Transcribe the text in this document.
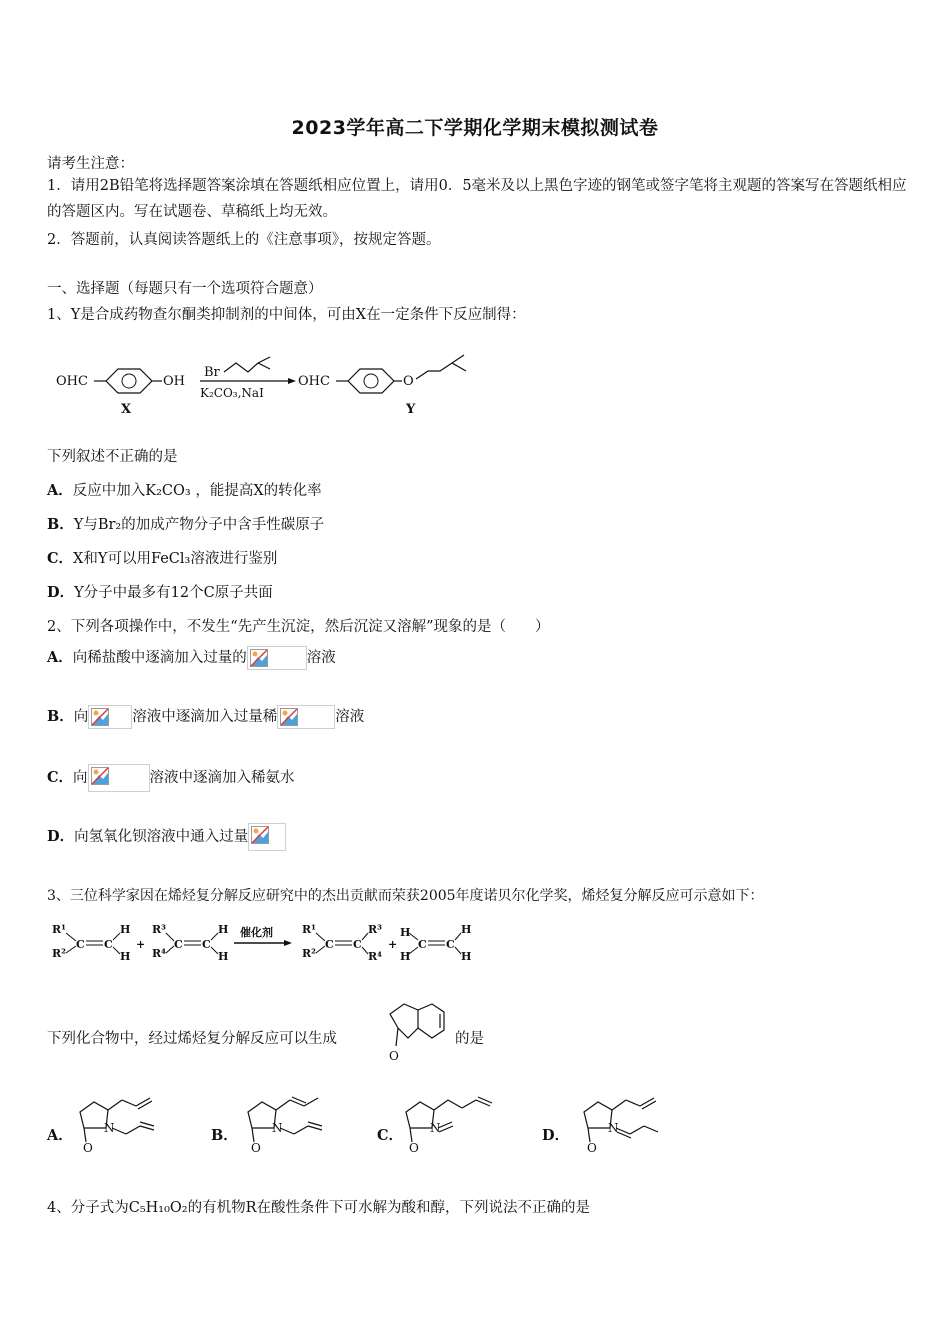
2023学年高二下学期化学期末模拟测试卷
请考生注意：
1．请用2B铅笔将选择题答案涂填在答题纸相应位置上，请用0．5毫米及以上黑色字迹的钢笔或签字笔将主观题的答案写在答题纸相应的答题区内。写在试题卷、草稿纸上均无效。
2．答题前，认真阅读答题纸上的《注意事项》，按规定答题。
一、选择题（每题只有一个选项符合题意）
1、Y是合成药物查尔酮类抑制剂的中间体，可由X在一定条件下反应制得：
OHC	OH
X
Br
K₂CO₃,NaI
OHC	O
Y
下列叙述不正确的是
A．反应中加入K₂CO₃ ，能提高X的转化率
B．Y与Br₂的加成产物分子中含手性碳原子
C．X和Y可以用FeCl₃溶液进行鉴别
D．Y分子中最多有12个C原子共面
2、下列各项操作中，不发生“先产生沉淀，然后沉淀又溶解”现象的是（　　）
A．向稀盐酸中逐滴加入过量的	溶液
B．向	溶液中逐滴加入过量稀	溶液
C．向	溶液中逐滴加入稀氨水
D．向氢氧化钡溶液中通入过量
3、三位科学家因在烯烃复分解反应研究中的杰出贡献而荣获2005年度诺贝尔化学奖，烯烃复分解反应可示意如下：
R¹
R²
C C
H
H
+
R³
R⁴
C C
H
H
催化剂	R¹
R²
C C
R³
R⁴
+
H
H
C C
H
H
下列化合物中，经过烯烃复分解反应可以生成
O
的是
A．
O
N	B．
O
N	C．
O
N	D．
O
N
4、分子式为C₅H₁₀O₂的有机物R在酸性条件下可水解为酸和醇，下列说法不正确的是
